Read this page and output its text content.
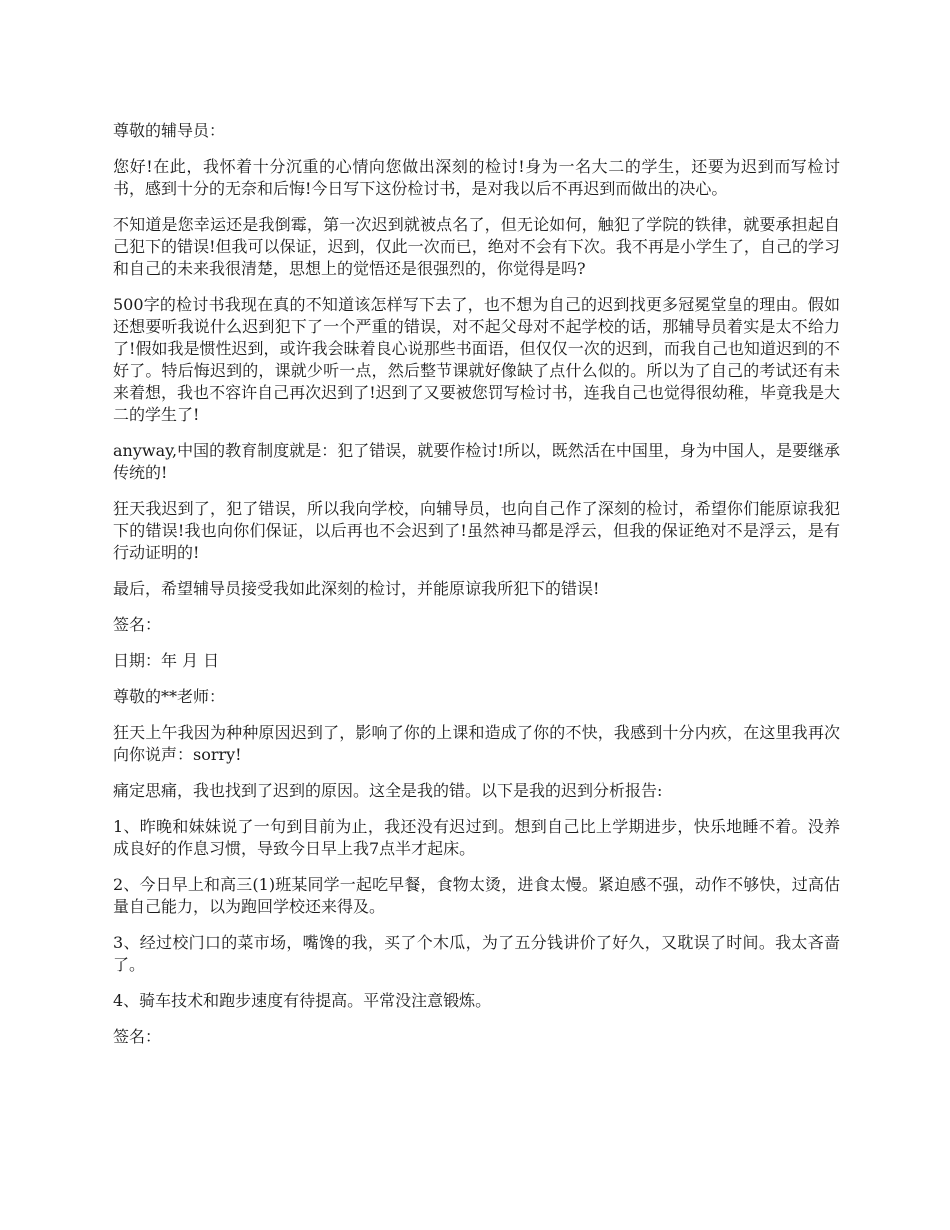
尊敬的辅导员：

您好!在此，我怀着十分沉重的心情向您做出深刻的检讨!身为一名大二的学生，还要为迟到而写检讨书，感到十分的无奈和后悔!今日写下这份检讨书，是对我以后不再迟到而做出的决心。

不知道是您幸运还是我倒霉，第一次迟到就被点名了，但无论如何，触犯了学院的铁律，就要承担起自己犯下的错误!但我可以保证，迟到，仅此一次而已，绝对不会有下次。我不再是小学生了，自己的学习和自己的未来我很清楚，思想上的觉悟还是很强烈的，你觉得是吗?

500字的检讨书我现在真的不知道该怎样写下去了，也不想为自己的迟到找更多冠冕堂皇的理由。假如还想要听我说什么迟到犯下了一个严重的错误，对不起父母对不起学校的话，那辅导员着实是太不给力了!假如我是惯性迟到，或许我会昧着良心说那些书面语，但仅仅一次的迟到，而我自己也知道迟到的不好了。特后悔迟到的，课就少听一点，然后整节课就好像缺了点什么似的。所以为了自己的考试还有未来着想，我也不容许自己再次迟到了!迟到了又要被您罚写检讨书，连我自己也觉得很幼稚，毕竟我是大二的学生了!

anyway,中国的教育制度就是：犯了错误，就要作检讨!所以，既然活在中国里，身为中国人，是要继承传统的!

狂天我迟到了，犯了错误，所以我向学校，向辅导员，也向自己作了深刻的检讨，希望你们能原谅我犯下的错误!我也向你们保证，以后再也不会迟到了!虽然神马都是浮云，但我的保证绝对不是浮云，是有行动证明的!

最后，希望辅导员接受我如此深刻的检讨，并能原谅我所犯下的错误!

签名：

日期：年 月 日

尊敬的**老师：

狂天上午我因为种种原因迟到了，影响了你的上课和造成了你的不快，我感到十分内疚，在这里我再次向你说声：sorry!

痛定思痛，我也找到了迟到的原因。这全是我的错。以下是我的迟到分析报告:

1、昨晚和妹妹说了一句到目前为止，我还没有迟过到。想到自己比上学期进步，快乐地睡不着。没养成良好的作息习惯，导致今日早上我7点半才起床。

2、今日早上和高三(1)班某同学一起吃早餐，食物太烫，进食太慢。紧迫感不强，动作不够快，过高估量自己能力，以为跑回学校还来得及。

3、经过校门口的菜市场，嘴馋的我，买了个木瓜，为了五分钱讲价了好久，又耽误了时间。我太吝啬了。

4、骑车技术和跑步速度有待提高。平常没注意锻炼。

签名：
